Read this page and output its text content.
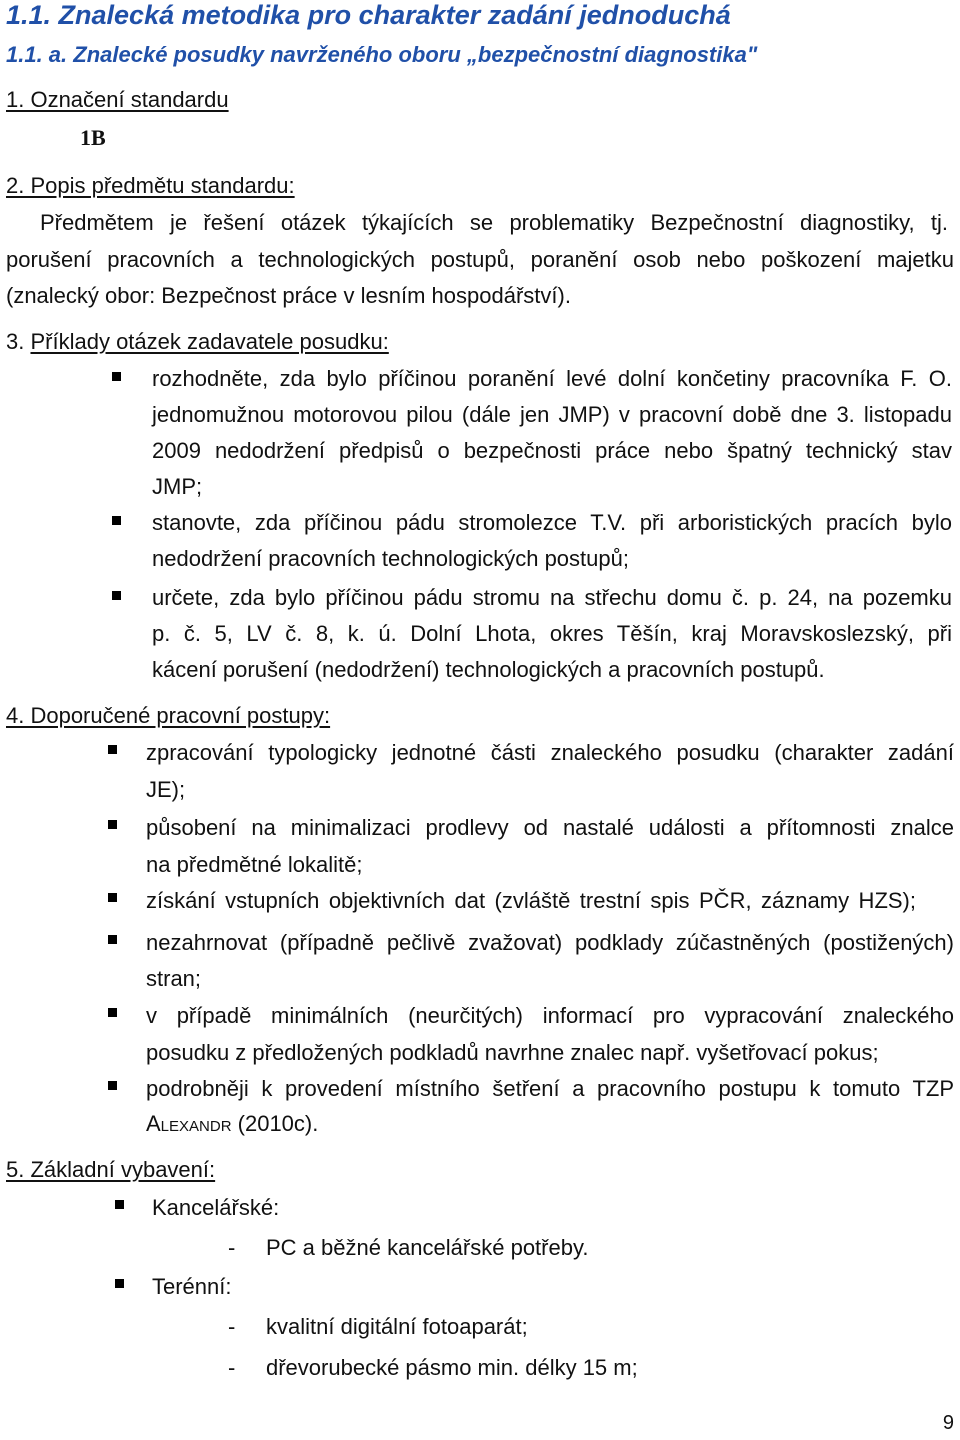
1.1. Znalecká metodika pro charakter zadání jednoduchá
1.1. a. Znalecké posudky navrženého oboru „bezpečnostní diagnostika"
1. Označení standardu
1B
2. Popis předmětu standardu:
Předmětem je řešení otázek týkajících se problematiky Bezpečnostní diagnostiky, tj.
porušení pracovních a technologických postupů, poranění osob nebo poškození majetku
(znalecký obor: Bezpečnost práce v lesním hospodářství).
3. Příklady otázek zadavatele posudku:
rozhodněte, zda bylo příčinou poranění levé dolní končetiny pracovníka F. O.
jednomužnou motorovou pilou (dále jen JMP) v pracovní době dne 3. listopadu
2009 nedodržení předpisů o bezpečnosti práce nebo špatný technický stav
JMP;
stanovte, zda příčinou pádu stromolezce T.V. při arboristických pracích bylo
nedodržení pracovních technologických postupů;
určete, zda bylo příčinou pádu stromu na střechu domu č. p. 24, na pozemku
p. č. 5, LV č. 8, k. ú. Dolní Lhota, okres Těšín, kraj Moravskoslezský, při
kácení porušení (nedodržení) technologických a pracovních postupů.
4. Doporučené pracovní postupy:
zpracování typologicky jednotné části znaleckého posudku (charakter zadání
JE);
působení na minimalizaci prodlevy od nastalé události a přítomnosti znalce
na předmětné lokalitě;
získání vstupních objektivních dat (zvláště trestní spis PČR, záznamy HZS);
nezahrnovat (případně pečlivě zvažovat) podklady zúčastněných (postižených)
stran;
v případě minimálních (neurčitých) informací pro vypracování znaleckého
posudku z předložených podkladů navrhne znalec např. vyšetřovací pokus;
podrobněji k provedení místního šetření a pracovního postupu k tomuto TZP
Alexandr (2010c).
5. Základní vybavení:
Kancelářské:
- PC a běžné kancelářské potřeby.
Terénní:
- kvalitní digitální fotoaparát;
- dřevorubecké pásmo min. délky 15 m;
9
